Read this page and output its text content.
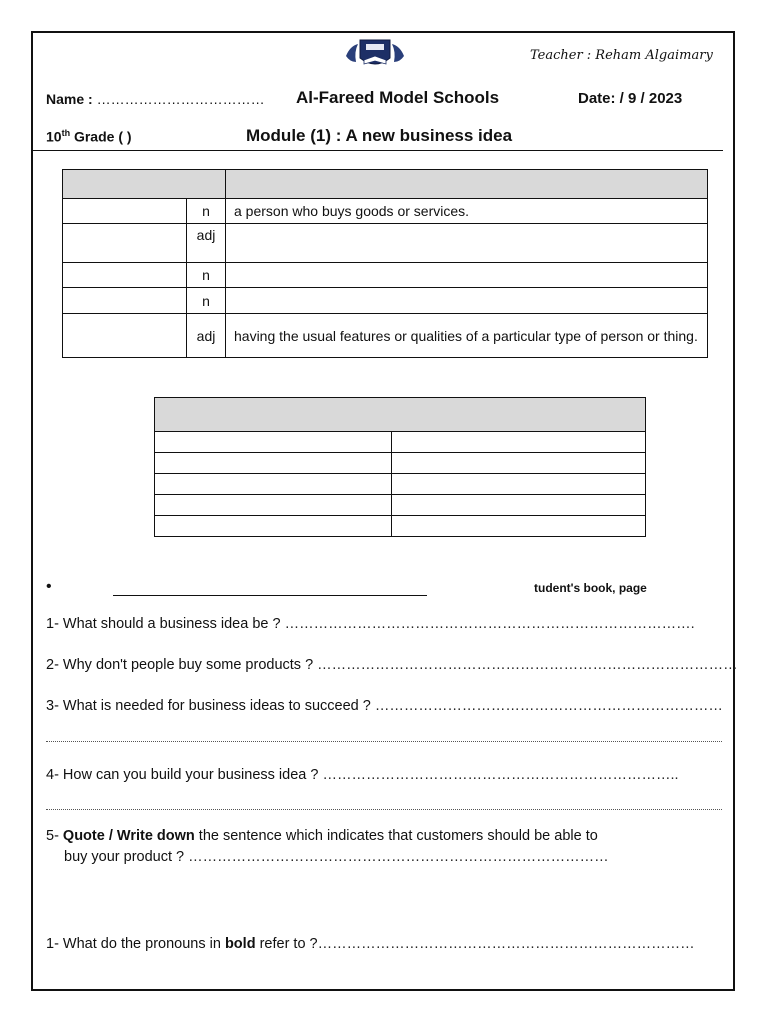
Teacher : Reham Algaimary
Name : ……………………………… Al-Fareed Model Schools	Date: / 9 / 2023
10th Grade ( )	Module (1) : A new business idea

	n	a person who buys goods or services.
	adj	
	n	
	n	
	adj	having the usual features or qualities of a particular type of person or thing.

•	tudent's book, page
1- What should a business idea be ? ………………………………………………………………………….
2- Why don't people buy some products ? ……………………………………………………………………………
3- What is needed for business ideas to succeed ? ………………………………………………………………
4- How can you build your business idea ? ………………………………………………………………..
5- Quote / Write down the sentence which indicates that customers should be able to
buy your product ? ……………………………………………………………………………
1- What do the pronouns in bold refer to ?……………………………………………………………………
